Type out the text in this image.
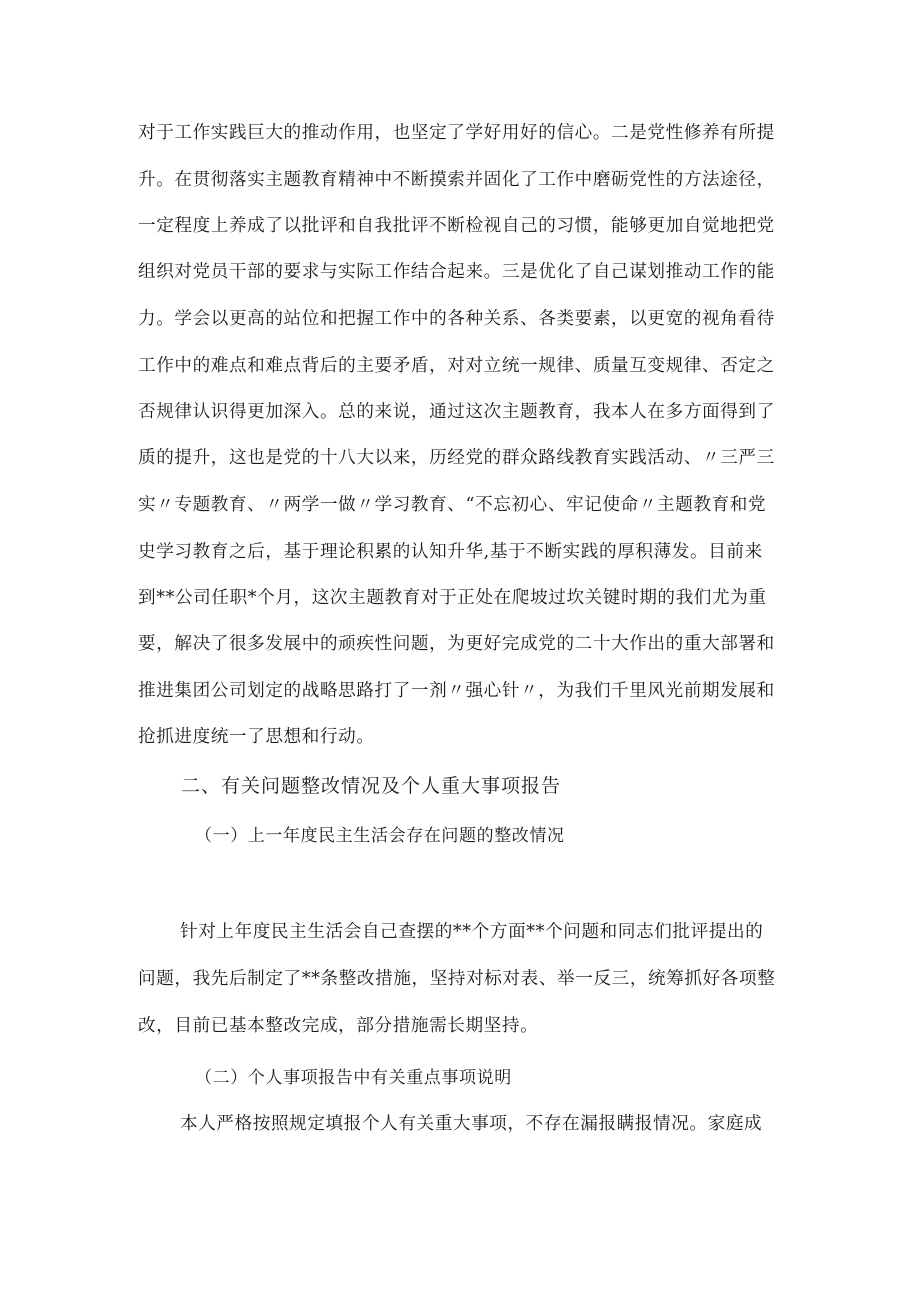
对于工作实践巨大的推动作用，也坚定了学好用好的信心。二是党性修养有所提
升。在贯彻落实主题教育精神中不断摸索并固化了工作中磨砺党性的方法途径，
一定程度上养成了以批评和自我批评不断检视自己的习惯，能够更加自觉地把党
组织对党员干部的要求与实际工作结合起来。三是优化了自己谋划推动工作的能
力。学会以更高的站位和把握工作中的各种关系、各类要素，以更宽的视角看待
工作中的难点和难点背后的主要矛盾，对对立统一规律、质量互变规律、否定之
否规律认识得更加深入。总的来说，通过这次主题教育，我本人在多方面得到了
质的提升，这也是党的十八大以来，历经党的群众路线教育实践活动、〃三严三
实〃专题教育、〃两学一做〃学习教育、“不忘初心、牢记使命〃主题教育和党
史学习教育之后，基于理论积累的认知升华,基于不断实践的厚积薄发。目前来
到**公司任职*个月，这次主题教育对于正处在爬坡过坎关键时期的我们尤为重
要，解决了很多发展中的顽疾性问题，为更好完成党的二十大作出的重大部署和
推进集团公司划定的战略思路打了一剂〃强心针〃，为我们千里风光前期发展和
抢抓进度统一了思想和行动。
二、有关问题整改情况及个人重大事项报告
（一）上一年度民主生活会存在问题的整改情况
针对上年度民主生活会自己查摆的**个方面**个问题和同志们批评提出的
问题，我先后制定了**条整改措施，坚持对标对表、举一反三，统筹抓好各项整
改，目前已基本整改完成，部分措施需长期坚持。
（二）个人事项报告中有关重点事项说明
本人严格按照规定填报个人有关重大事项，不存在漏报瞒报情况。家庭成
